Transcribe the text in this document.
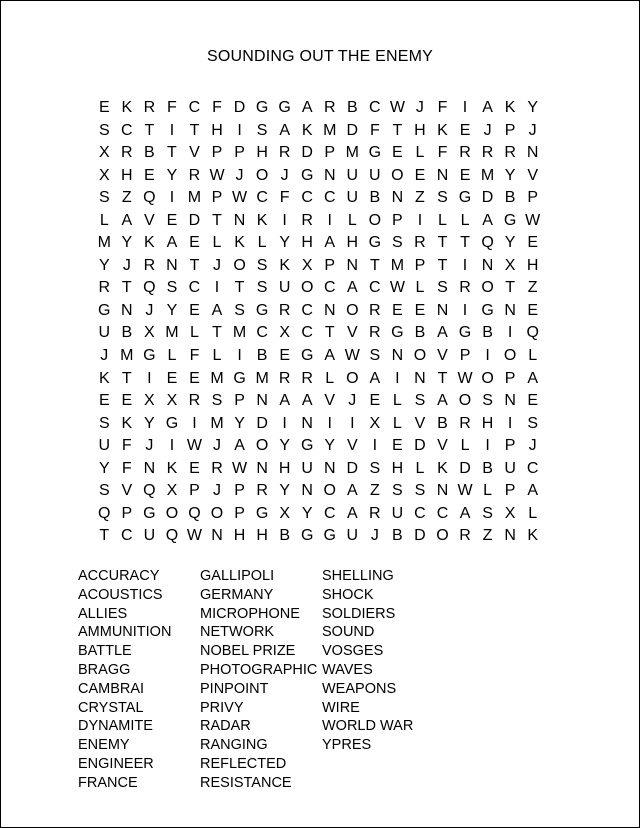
SOUNDING OUT THE ENEMY
E K R F C F D G G A R B C W J F I A K Y
S C T I T H I S A K M D F T H K E J P J
X R B T V P P H R D P M G E L F R R R N
X H E Y R W J O J G N U U O E N E M Y V
S Z Q I M P W C F C C U B N Z S G D B P
L A V E D T N K I R I L O P I L L A G W
M Y K A E L K L Y H A H G S R T T Q Y E
Y J R N T J O S K X P N T M P T I N X H
R T Q S C I T S U O C A C W L S R O T Z
G N J Y E A S G R C N O R E E N I G N E
U B X M L T M C X C T V R G B A G B I Q
J M G L F L I B E G A W S N O V P I O L
K T I E E M G M R R L O A I N T W O P A
E E X X R S P N A A V J E L S A O S N E
S K Y G I M Y D I N I	I X L V B R H I S
U F J	I W J A O Y G Y V I E D V L I P J
Y F N K E R W N H U N D S H L K D B U C
S V Q X P J P R Y N O A Z S S N W L P A
Q P G O Q O P G X Y C A R U C C A S X L
T C U Q W N H H B G G U J B D O R Z N K
ACCURACY
ACOUSTICS
ALLIES
AMMUNITION
BATTLE
BRAGG
CAMBRAI
CRYSTAL
DYNAMITE
ENEMY
ENGINEER
FRANCE
GALLIPOLI
GERMANY
MICROPHONE
NETWORK
NOBEL PRIZE
PHOTOGRAPHIC
PINPOINT
PRIVY
RADAR
RANGING
REFLECTED
RESISTANCE
SHELLING
SHOCK
SOLDIERS
SOUND
VOSGES
WAVES
WEAPONS
WIRE
WORLD WAR
YPRES
